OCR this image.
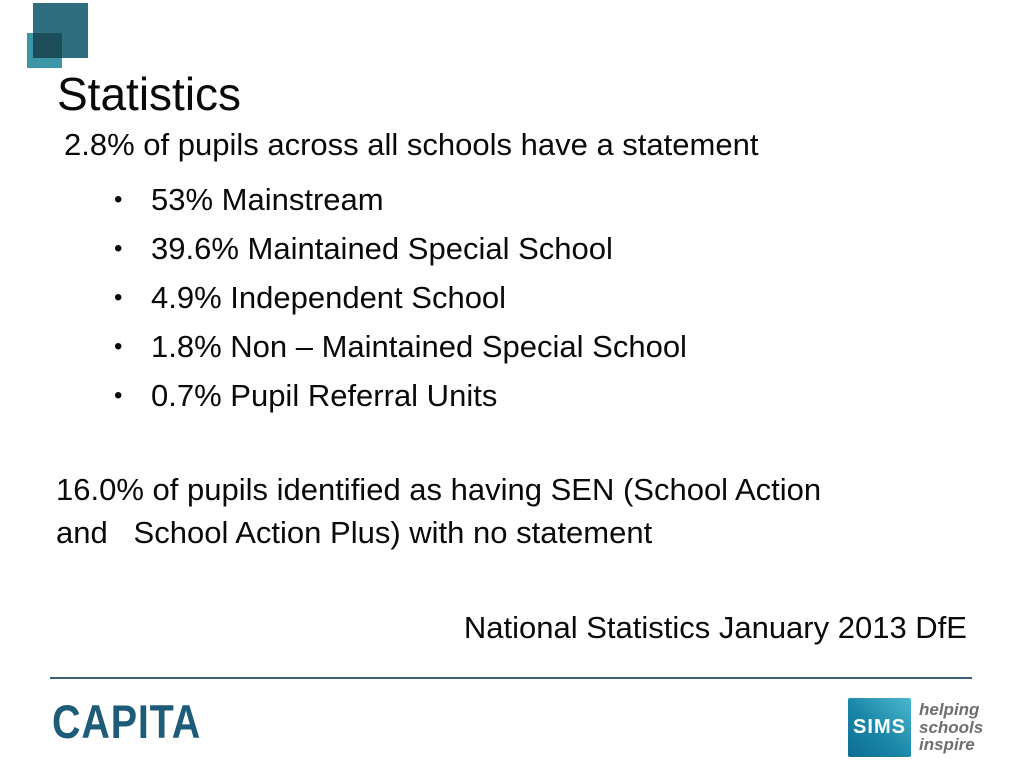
Statistics
2.8% of pupils across all schools have a statement
• 53% Mainstream
• 39.6% Maintained Special School
• 4.9% Independent School
• 1.8% Non – Maintained Special School
• 0.7% Pupil Referral Units
16.0% of pupils identified as having SEN (School Action
and   School Action Plus) with no statement
National Statistics January 2013 DfE
CAPITA	SIMS
helping
schools
inspire
